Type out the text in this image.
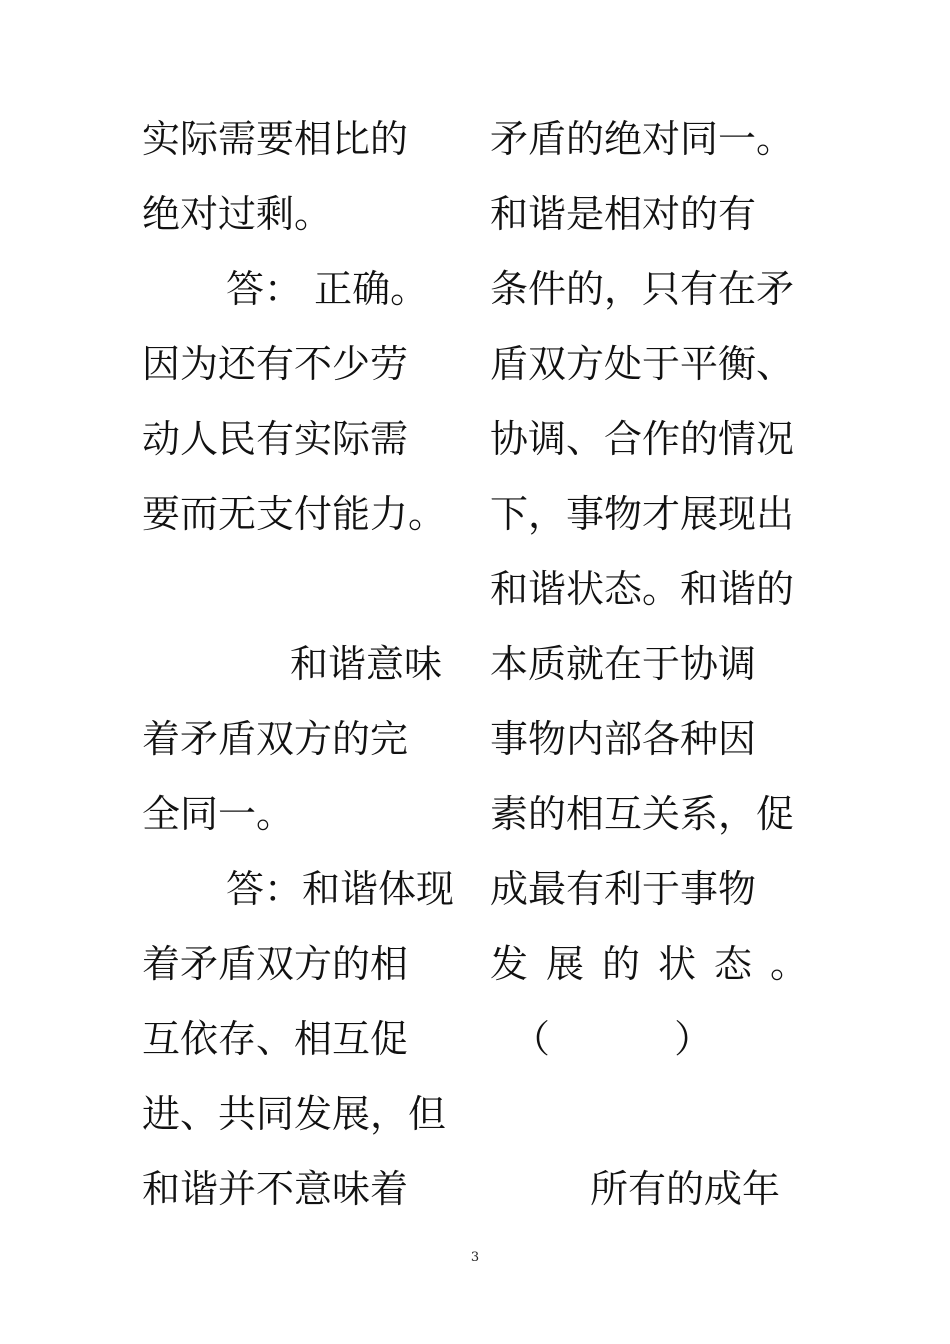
实际需要相比的
绝对过剩。
答： 正确。
因为还有不少劳
动人民有实际需
要而无支付能力。
和谐意味
着矛盾双方的完
全同一。
答：和谐体现
着矛盾双方的相
互依存、相互促
进、共同发展，但
和谐并不意味着
矛盾的绝对同一。
和谐是相对的有
条件的，只有在矛
盾双方处于平衡、
协调、合作的情况
下，事物才展现出
和谐状态。和谐的
本质就在于协调
事物内部各种因
素的相互关系，促
成最有利于事物
发展的状态。
（ ）
所有的成年
3
